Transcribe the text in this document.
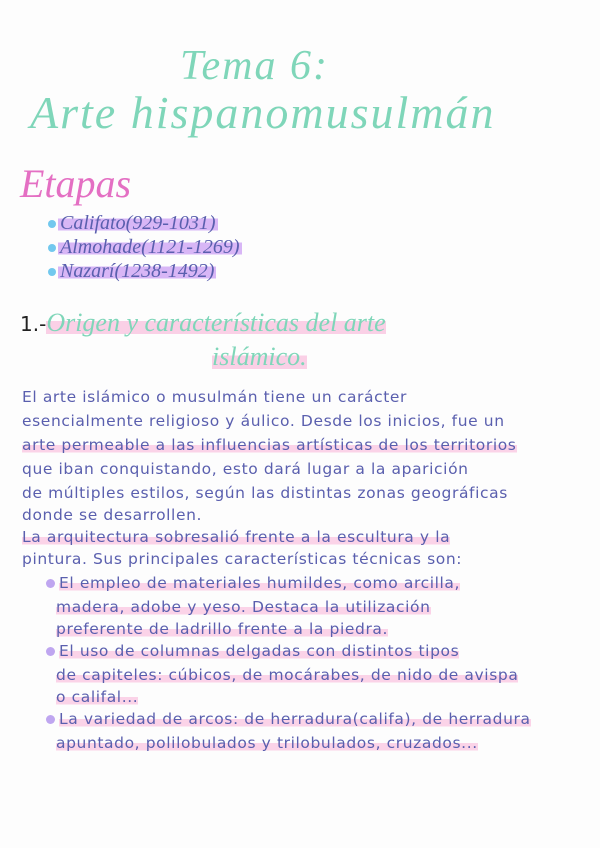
Tema 6:
Arte hispanomusulmán
Etapas
Califato(929-1031)
Almohade(1121-1269)
Nazarí(1238-1492)
1.-Origen y características del arte
islámico.
El arte islámico o musulmán tiene un carácter
esencialmente religioso y áulico. Desde los inicios, fue un
arte permeable a las influencias artísticas de los territorios
que iban conquistando, esto dará lugar a la aparición
de múltiples estilos, según las distintas zonas geográficas
donde se desarrollen.
La arquitectura sobresalió frente a la escultura y la
pintura. Sus principales características técnicas son:
El empleo de materiales humildes, como arcilla,
madera, adobe y yeso. Destaca la utilización
preferente de ladrillo frente a la piedra.
El uso de columnas delgadas con distintos tipos
de capiteles: cúbicos, de mocárabes, de nido de avispa
o califal...
La variedad de arcos: de herradura(califa), de herradura
apuntado, polilobulados y trilobulados, cruzados...
